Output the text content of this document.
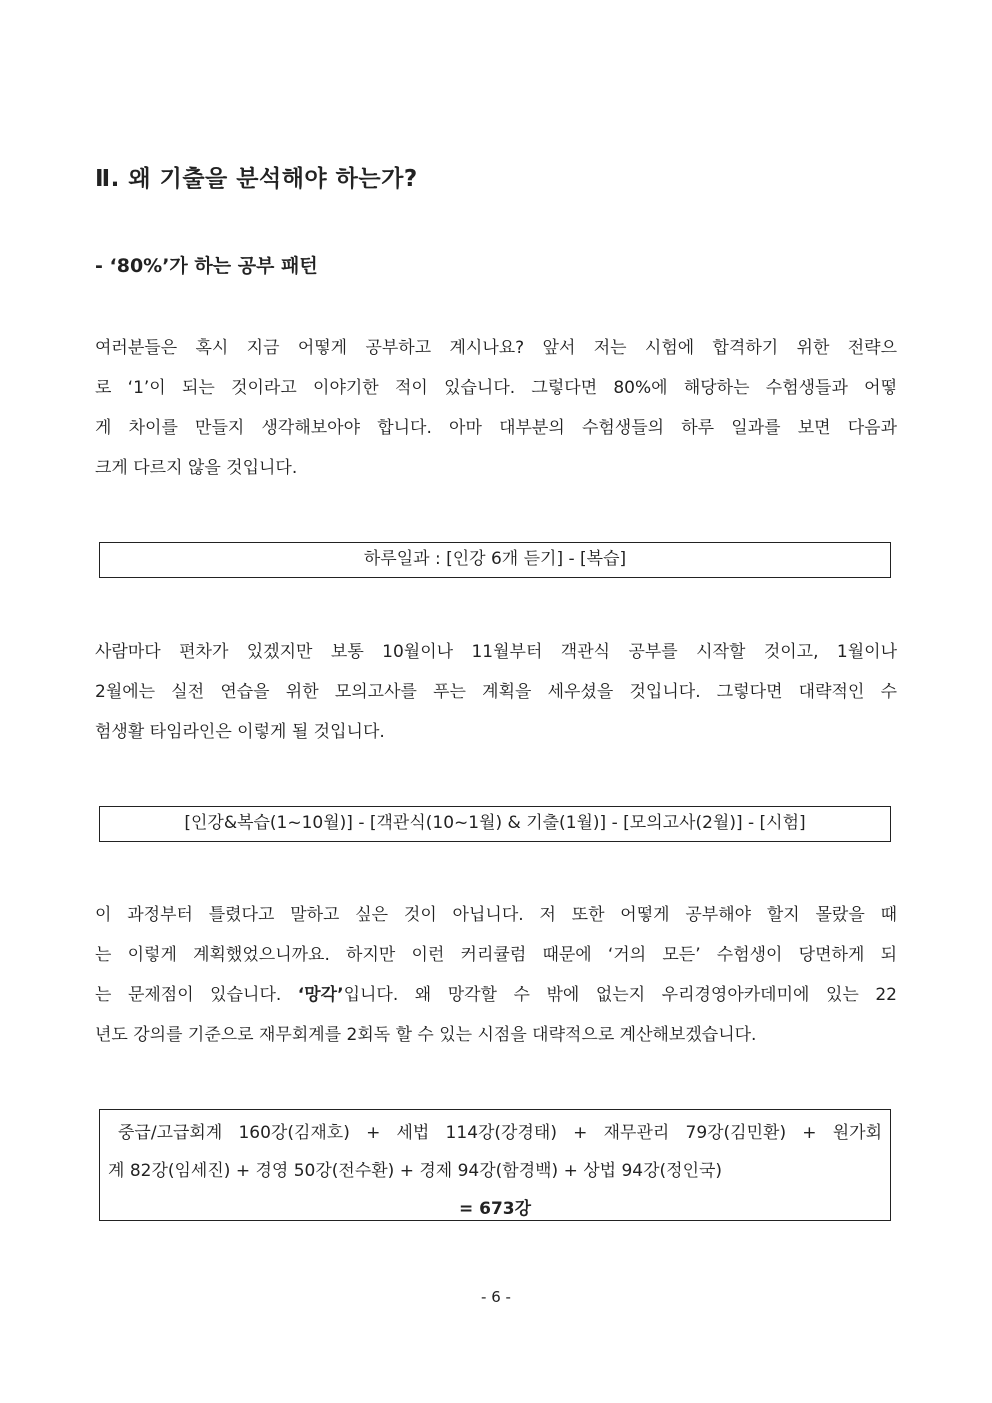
Ⅱ. 왜 기출을 분석해야 하는가?
- ‘80%’가 하는 공부 패턴
여러분들은 혹시 지금 어떻게 공부하고 계시나요? 앞서 저는 시험에 합격하기 위한 전략으
로 ‘1’이 되는 것이라고 이야기한 적이 있습니다. 그렇다면 80%에 해당하는 수험생들과 어떻
게 차이를 만들지 생각해보아야 합니다. 아마 대부분의 수험생들의 하루 일과를 보면 다음과
크게 다르지 않을 것입니다.
하루일과 : [인강 6개 듣기] - [복습]
사람마다 편차가 있겠지만 보통 10월이나 11월부터 객관식 공부를 시작할 것이고, 1월이나
2월에는 실전 연습을 위한 모의고사를 푸는 계획을 세우셨을 것입니다. 그렇다면 대략적인 수
험생활 타임라인은 이렇게 될 것입니다.
[인강&복습(1~10월)] - [객관식(10~1월) & 기출(1월)] - [모의고사(2월)] - [시험]
이 과정부터 틀렸다고 말하고 싶은 것이 아닙니다. 저 또한 어떻게 공부해야 할지 몰랐을 때
는 이렇게 계획했었으니까요. 하지만 이런 커리큘럼 때문에 ‘거의 모든’ 수험생이 당면하게 되
는 문제점이 있습니다. ‘망각’입니다. 왜 망각할 수 밖에 없는지 우리경영아카데미에 있는 22
년도 강의를 기준으로 재무회계를 2회독 할 수 있는 시점을 대략적으로 계산해보겠습니다.
중급/고급회계 160강(김재호) + 세법 114강(강경태) + 재무관리 79강(김민환) + 원가회
계 82강(임세진) + 경영 50강(전수환) + 경제 94강(함경백) + 상법 94강(정인국)
= 673강
- 6 -
